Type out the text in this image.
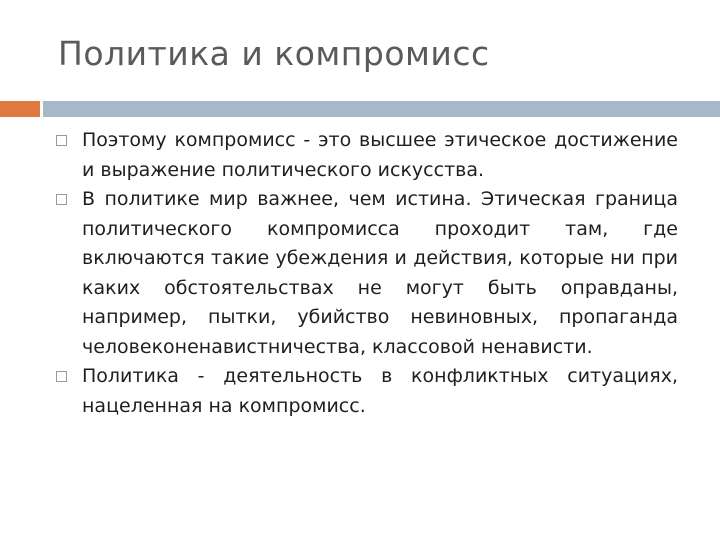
Политика и компромисс
Поэтому компромисс - это высшее этическое достижение и выражение политического искусства.
В политике мир важнее, чем истина. Этическая граница политического компромисса проходит там, где включаются такие убеждения и действия, которые ни при каких обстоятельствах не могут быть оправданы, например, пытки, убийство невиновных, пропаганда человеконенавистничества, классовой ненависти.
Политика - деятельность в конфликтных ситуациях, нацеленная на компромисс.
